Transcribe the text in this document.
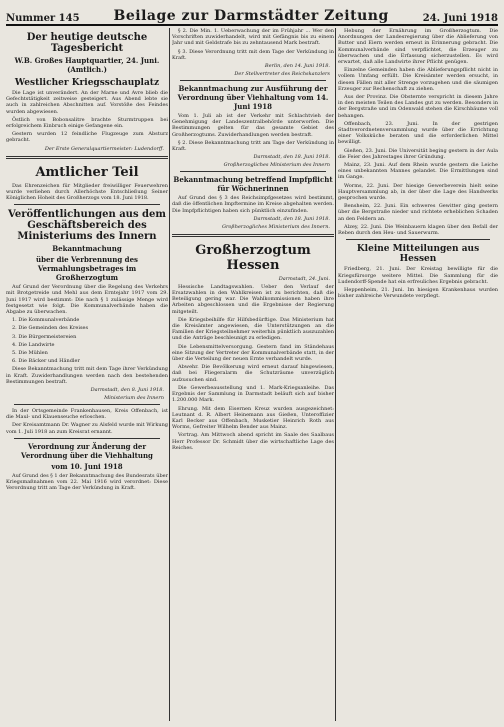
Nummer 145 Beilage zur Darmstädter Zeitung	24. Juni 1918
Der heutige deutsche Tagesbericht
W.B. Großes Hauptquartier, 24. Juni. (Amtlich.)
Westlicher Kriegsschauplatz

Die Lage ist unverändert. An der Marne und Avre blieb die Gefechtstätigkeit zeitweise gesteigert. Aus Abend lebte sie auch in zahlreichen Abschnitten auf. Vorstöße des Feindes wurden abgewiesen.

Östlich von Bobonsalitre brachte Sturmtruppen bei erfolgreichem Einbruch einige Gefangene ein.

Gestern wurden 12 feindliche Flugzeuge zum Absturz gebracht.

Der Erste Generalquartiermeister: Ludendorff.
Amtlicher Teil

Das Ehrenzeichen für Mitglieder freiwilliger Feuerwehren wurde verliehen durch Allerhöchste Entschließung Seiner Königlichen Hoheit des Großherzogs vom 18. Juni 1918.

Veröffentlichungen aus dem Geschäftsbereich des Ministeriums des Innern
Bekanntmachung
über die Verbrennung des Vermahlungsbetrages im Großherzogtum

Auf Grund der Verordnung über die Regelung des Verkehrs mit Brotgetreide und Mehl aus dem Erntejahr 1917 vom 29. Juni 1917 wird bestimmt: Die nach § 1 zulässige Menge wird festgesetzt wie folgt. Die Kommunalverbände haben die Abgabe zu überwachen.

1. Die Kommunalverbände

2. Die Gemeinden des Kreises

3. Die Bürgermeistereien

4. Die Landwirte

5. Die Mühlen

6. Die Bäcker und Händler

Diese Bekanntmachung tritt mit dem Tage ihrer Verkündung in Kraft. Zuwiderhandlungen werden nach den bestehenden Bestimmungen bestraft.

Darmstadt, den 8. Juni 1918.
Ministerium des Innern

In der Ortsgemeinde Frankenhausen, Kreis Offenbach, ist die Maul- und Klauenseuche erloschen.

Der Kreisamtmann Dr. Wagner zu Alsfeld wurde mit Wirkung vom 1. Juli 1918 an zum Kreisrat ernannt.

Verordnung zur Änderung der Verordnung über die Viehhaltung
vom 10. Juni 1918

Auf Grund des § 1 der Bekanntmachung des Bundesrats über Kriegsmaßnahmen vom 22. Mai 1916 wird verordnet: Diese Verordnung tritt am Tage der Verkündung in Kraft.

§ 2. Die Min. 1. Ueberwachung der im Frühjahr ... Wer den Vorschriften zuwiderhandelt, wird mit Gefängnis bis zu einem Jahr und mit Geldstrafe bis zu zehntausend Mark bestraft.

§ 3. Diese Verordnung tritt mit dem Tage der Verkündung in Kraft.

Berlin, den 14. Juni 1918.
Der Stellvertreter des Reichskanzlers
Bekanntmachung zur Ausführung der Verordnung über Viehhaltung vom 14. Juni 1918

Vom 1. Juli ab ist der Verkehr mit Schlachtvieh der Genehmigung der Landeszentralbehörde unterworfen. Die Bestimmungen gelten für das gesamte Gebiet des Großherzogtums. Zuwiderhandlungen werden bestraft.

§ 2. Diese Bekanntmachung tritt am Tage der Verkündung in Kraft.

Darmstadt, den 18. Juni 1918.
Großherzogliches Ministerium des Innern
Bekanntmachung betreffend Impfpflicht für Wöchnerinnen

Auf Grund des § 3 des Reichsimpfgesetzes wird bestimmt, daß die öffentlichen Impftermine im Kreise abgehalten werden. Die Impfpflichtigen haben sich pünktlich einzufinden.

Darmstadt, den 18. Juni 1918.
Großherzogliches Ministerium des Innern.
Großherzogtum Hessen
Darmstadt, 24. Juni.

Hessische Landtagswahlen. Ueber den Verlauf der Ersatzwahlen in den Wahlkreisen ist zu berichten, daß die Beteiligung gering war. Die Wahlkommissionen haben ihre Arbeiten abgeschlossen und die Ergebnisse der Regierung mitgeteilt.

Die Kriegsbeihilfe für Hilfsbedürftige. Das Ministerium hat die Kreisämter angewiesen, die Unterstützungen an die Familien der Kriegsteilnehmer weiterhin pünktlich auszuzahlen und die Anträge beschleunigt zu erledigen.

Die Lebensmittelversorgung. Gestern fand im Ständehaus eine Sitzung der Vertreter der Kommunalverbände statt, in der über die Verteilung der neuen Ernte verhandelt wurde.

Abwehr. Die Bevölkerung wird erneut darauf hingewiesen, daß bei Fliegeralarm die Schutzräume unverzüglich aufzusuchen sind.

Die Gewerbeausstellung und 1. Mark-Kriegsanleihe. Das Ergebnis der Sammlung in Darmstadt beläuft sich auf bisher 1.200.000 Mark.

Ehrung. Mit dem Eisernen Kreuz wurden ausgezeichnet: Leutnant d. R. Albert Heinemann aus Gießen, Unteroffizier Karl Becker aus Offenbach, Musketier Heinrich Roth aus Worms, Gefreiter Wilhelm Bender aus Mainz.

Vortrag. Am Mittwoch abend spricht im Saale des Saalbaus Herr Professor Dr. Schmidt über die wirtschaftliche Lage des Reiches.

Hebung der Ernährung im Großherzogtum. Die Anordnungen der Landesregierung über die Ablieferung von Butter und Eiern werden erneut in Erinnerung gebracht. Die Kommunalverbände sind verpflichtet, die Erzeuger zu überwachen und die Erfassung sicherzustellen. Es wird erwartet, daß alle Landwirte ihrer Pflicht genügen.

Einzelne Gemeinden haben die Ablieferungspflicht nicht in vollem Umfang erfüllt. Die Kreisämter werden ersucht, in diesen Fällen mit aller Strenge vorzugehen und die säumigen Erzeuger zur Rechenschaft zu ziehen.

Aus der Provinz. Die Obsternte verspricht in diesem Jahre in den meisten Teilen des Landes gut zu werden. Besonders in der Bergstraße und im Odenwald stehen die Kirschbäume voll behangen.

Offenbach, 23. Juni. In der gestrigen Stadtverordnetenversammlung wurde über die Errichtung einer Volksküche beraten und die erforderlichen Mittel bewilligt.

Gießen, 23. Juni. Die Universität beging gestern in der Aula die Feier des Jahrestages ihrer Gründung.

Mainz, 23. Juni. Auf dem Rhein wurde gestern die Leiche eines unbekannten Mannes gelandet. Die Ermittlungen sind im Gange.

Worms, 22. Juni. Der hiesige Gewerbeverein hielt seine Hauptversammlung ab, in der über die Lage des Handwerks gesprochen wurde.

Bensheim, 22. Juni. Ein schweres Gewitter ging gestern über die Bergstraße nieder und richtete erheblichen Schaden an den Feldern an.

Alzey, 22. Juni. Die Weinbauern klagen über den Befall der Reben durch den Heu- und Sauerwurm.

Kleine Mitteilungen aus Hessen

Friedberg, 21. Juni. Der Kreistag bewilligte für die Kriegsfürsorge weitere Mittel. Die Sammlung für die Ludendorff-Spende hat ein erfreuliches Ergebnis gebracht.

Heppenheim, 21. Juni. Im hiesigen Krankenhaus wurden bisher zahlreiche Verwundete verpflegt.
